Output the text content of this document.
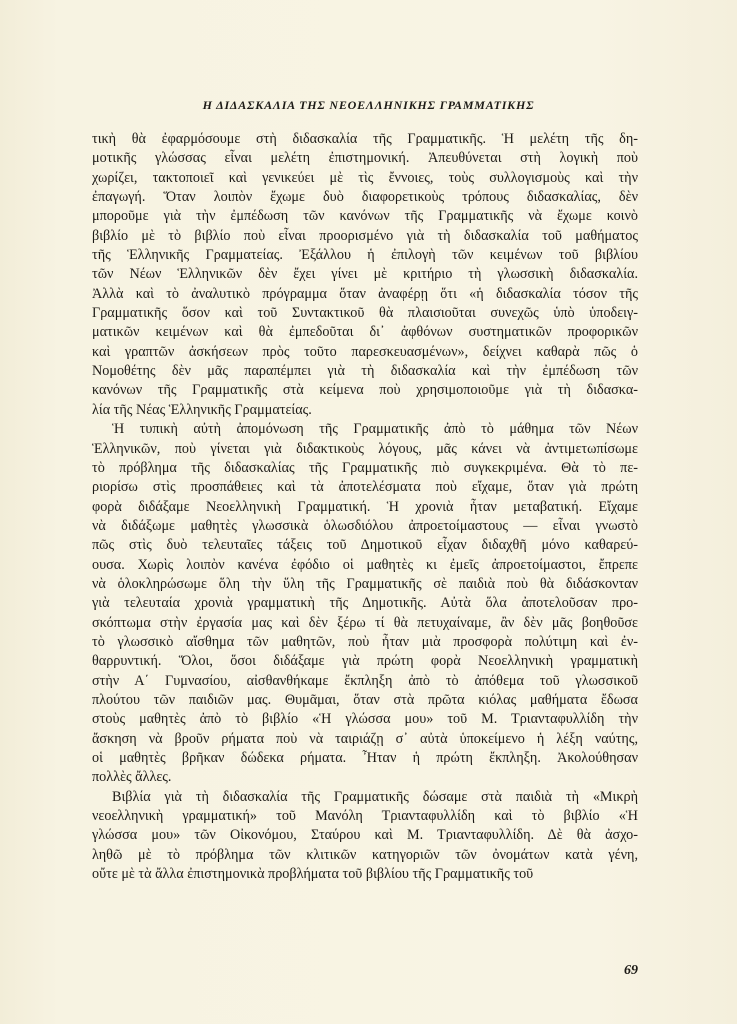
Η ΔΙΔΑΣΚΑΛΙΑ ΤΗΣ ΝΕΟΕΛΛΗΝΙΚΗΣ ΓΡΑΜΜΑΤΙΚΗΣ
τικὴ θὰ ἐφαρμόσουμε στὴ διδασκαλία τῆς Γραμματικῆς. Ἡ μελέτη τῆς δη-
μοτικῆς γλώσσας εἶναι μελέτη ἐπιστημονική. Ἀπευθύνεται στὴ λογικὴ ποὺ
χωρίζει, τακτοποιεῖ καὶ γενικεύει μὲ τὶς ἔννοιες, τοὺς συλλογισμοὺς καὶ τὴν
ἐπαγωγή. Ὅταν λοιπὸν ἔχωμε δυὸ διαφορετικοὺς τρόπους διδασκαλίας, δὲν
μποροῦμε γιὰ τὴν ἐμπέδωση τῶν κανόνων τῆς Γραμματικῆς νὰ ἔχωμε κοινὸ
βιβλίο μὲ τὸ βιβλίο ποὺ εἶναι προορισμένο γιὰ τὴ διδασκαλία τοῦ μαθήματος
τῆς Ἑλληνικῆς Γραμματείας. Ἐξάλλου ἡ ἐπιλογὴ τῶν κειμένων τοῦ βιβλίου
τῶν Νέων Ἑλληνικῶν δὲν ἔχει γίνει μὲ κριτήριο τὴ γλωσσικὴ διδασκαλία.
Ἀλλὰ καὶ τὸ ἀναλυτικὸ πρόγραμμα ὅταν ἀναφέρῃ ὅτι «ἡ διδασκαλία τόσον τῆς
Γραμματικῆς ὅσον καὶ τοῦ Συντακτικοῦ θὰ πλαισιοῦται συνεχῶς ὑπὸ ὑποδειγ-
ματικῶν κειμένων καὶ θὰ ἐμπεδοῦται δι᾽ ἀφθόνων συστηματικῶν προφορικῶν
καὶ γραπτῶν ἀσκήσεων πρὸς τοῦτο παρεσκευασμένων», δείχνει καθαρὰ πῶς ὁ
Νομοθέτης δὲν μᾶς παραπέμπει γιὰ τὴ διδασκαλία καὶ τὴν ἐμπέδωση τῶν
κανόνων τῆς Γραμματικῆς στὰ κείμενα ποὺ χρησιμοποιοῦμε γιὰ τὴ διδασκα-
λία τῆς Νέας Ἑλληνικῆς Γραμματείας.
Ἡ τυπικὴ αὐτὴ ἀπομόνωση τῆς Γραμματικῆς ἀπὸ τὸ μάθημα τῶν Νέων
Ἑλληνικῶν, ποὺ γίνεται γιὰ διδακτικοὺς λόγους, μᾶς κάνει νὰ ἀντιμετωπίσωμε
τὸ πρόβλημα τῆς διδασκαλίας τῆς Γραμματικῆς πιὸ συγκεκριμένα. Θὰ τὸ πε-
ριορίσω στὶς προσπάθειες καὶ τὰ ἀποτελέσματα ποὺ εἴχαμε, ὅταν γιὰ πρώτη
φορὰ διδάξαμε Νεοελληνικὴ Γραμματική. Ἡ χρονιὰ ἦταν μεταβατική. Εἴχαμε
νὰ διδάξωμε μαθητὲς γλωσσικὰ ὁλωσδιόλου ἀπροετοίμαστους — εἶναι γνωστὸ
πῶς στὶς δυὸ τελευταῖες τάξεις τοῦ Δημοτικοῦ εἶχαν διδαχθῆ μόνο καθαρεύ-
ουσα. Χωρὶς λοιπὸν κανένα ἐφόδιο οἱ μαθητὲς κι ἐμεῖς ἀπροετοίμαστοι, ἔπρεπε
νὰ ὁλοκληρώσωμε ὅλη τὴν ὕλη τῆς Γραμματικῆς σὲ παιδιὰ ποὺ θὰ διδάσκονταν
γιὰ τελευταία χρονιὰ γραμματικὴ τῆς Δημοτικῆς. Αὐτὰ ὅλα ἀποτελοῦσαν προ-
σκόπτωμα στὴν ἐργασία μας καὶ δὲν ξέρω τί θὰ πετυχαίναμε, ἂν δὲν μᾶς βοηθοῦσε
τὸ γλωσσικὸ αἴσθημα τῶν μαθητῶν, ποὺ ἦταν μιὰ προσφορὰ πολύτιμη καὶ ἐν-
θαρρυντική. Ὅλοι, ὅσοι διδάξαμε γιὰ πρώτη φορὰ Νεοελληνικὴ γραμματικὴ
στὴν Α΄ Γυμνασίου, αἰσθανθήκαμε ἔκπληξη ἀπὸ τὸ ἀπόθεμα τοῦ γλωσσικοῦ
πλούτου τῶν παιδιῶν μας. Θυμᾶμαι, ὅταν στὰ πρῶτα κιόλας μαθήματα ἔδωσα
στοὺς μαθητὲς ἀπὸ τὸ βιβλίο «Ἡ γλώσσα μου» τοῦ Μ. Τριανταφυλλίδη τὴν
ἄσκηση νὰ βροῦν ρήματα ποὺ νὰ ταιριάζῃ σ᾽ αὐτὰ ὑποκείμενο ἡ λέξη ναύτης,
οἱ μαθητὲς βρῆκαν δώδεκα ρήματα. Ἦταν ἡ πρώτη ἔκπληξη. Ἀκολούθησαν
πολλὲς ἄλλες.
Βιβλία γιὰ τὴ διδασκαλία τῆς Γραμματικῆς δώσαμε στὰ παιδιὰ τὴ «Μικρὴ
νεοελληνικὴ γραμματική» τοῦ Μανόλη Τριανταφυλλίδη καὶ τὸ βιβλίο «Ἡ
γλώσσα μου» τῶν Οἰκονόμου, Σταύρου καὶ Μ. Τριανταφυλλίδη. Δὲ θὰ ἀσχο-
ληθῶ μὲ τὸ πρόβλημα τῶν κλιτικῶν κατηγοριῶν τῶν ὀνομάτων κατὰ γένη,
οὔτε μὲ τὰ ἄλλα ἐπιστημονικὰ προβλήματα τοῦ βιβλίου τῆς Γραμματικῆς τοῦ
69
